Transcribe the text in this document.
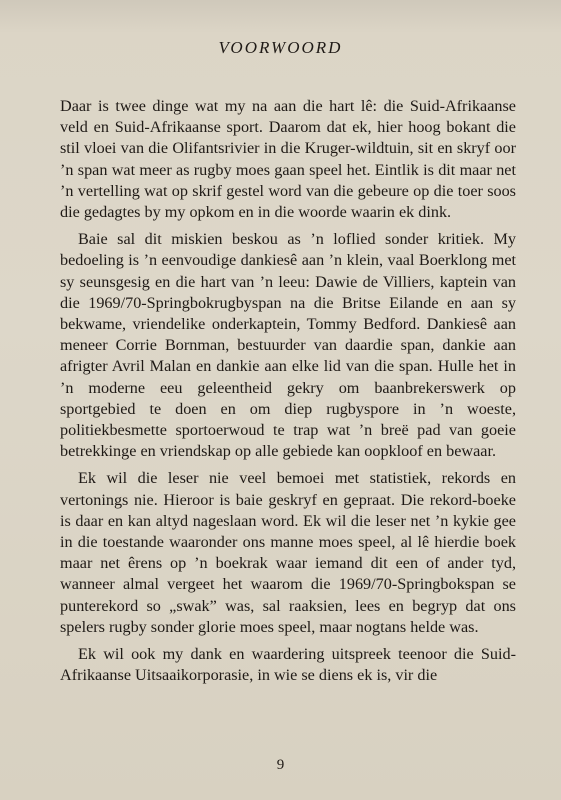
VOORWOORD

Daar is twee dinge wat my na aan die hart lê: die Suid-Afrikaanse veld en Suid-Afrikaanse sport. Daarom dat ek, hier hoog bokant die stil vloei van die Olifantsrivier in die Kruger-wildtuin, sit en skryf oor ’n span wat meer as rugby moes gaan speel het. Eintlik is dit maar net ’n vertelling wat op skrif gestel word van die gebeure op die toer soos die gedagtes by my opkom en in die woorde waarin ek dink.

Baie sal dit miskien beskou as ’n loflied sonder kritiek. My bedoeling is ’n eenvoudige dankiesê aan ’n klein, vaal Boerklong met sy seunsgesig en die hart van ’n leeu: Dawie de Villiers, kaptein van die 1969/70-Springbokrugbyspan na die Britse Eilande en aan sy bekwame, vriendelike onderkaptein, Tommy Bedford. Dankiesê aan meneer Corrie Bornman, bestuurder van daardie span, dankie aan afrigter Avril Malan en dankie aan elke lid van die span. Hulle het in ’n moderne eeu geleentheid gekry om baanbrekerswerk op sportgebied te doen en om diep rugbyspore in ’n woeste, politiekbesmette sportoerwoud te trap wat ’n breë pad van goeie betrekkinge en vriendskap op alle gebiede kan oopkloof en bewaar.

Ek wil die leser nie veel bemoei met statistiek, rekords en vertonings nie. Hieroor is baie geskryf en gepraat. Die rekord-boeke is daar en kan altyd nageslaan word. Ek wil die leser net ’n kykie gee in die toestande waaronder ons manne moes speel, al lê hierdie boek maar net êrens op ’n boekrak waar iemand dit een of ander tyd, wanneer almal vergeet het waarom die 1969/70-Springbokspan se punterekord so „swak” was, sal raaksien, lees en begryp dat ons spelers rugby sonder glorie moes speel, maar nogtans helde was.

Ek wil ook my dank en waardering uitspreek teenoor die Suid-Afrikaanse Uitsaaikorporasie, in wie se diens ek is, vir die

9
